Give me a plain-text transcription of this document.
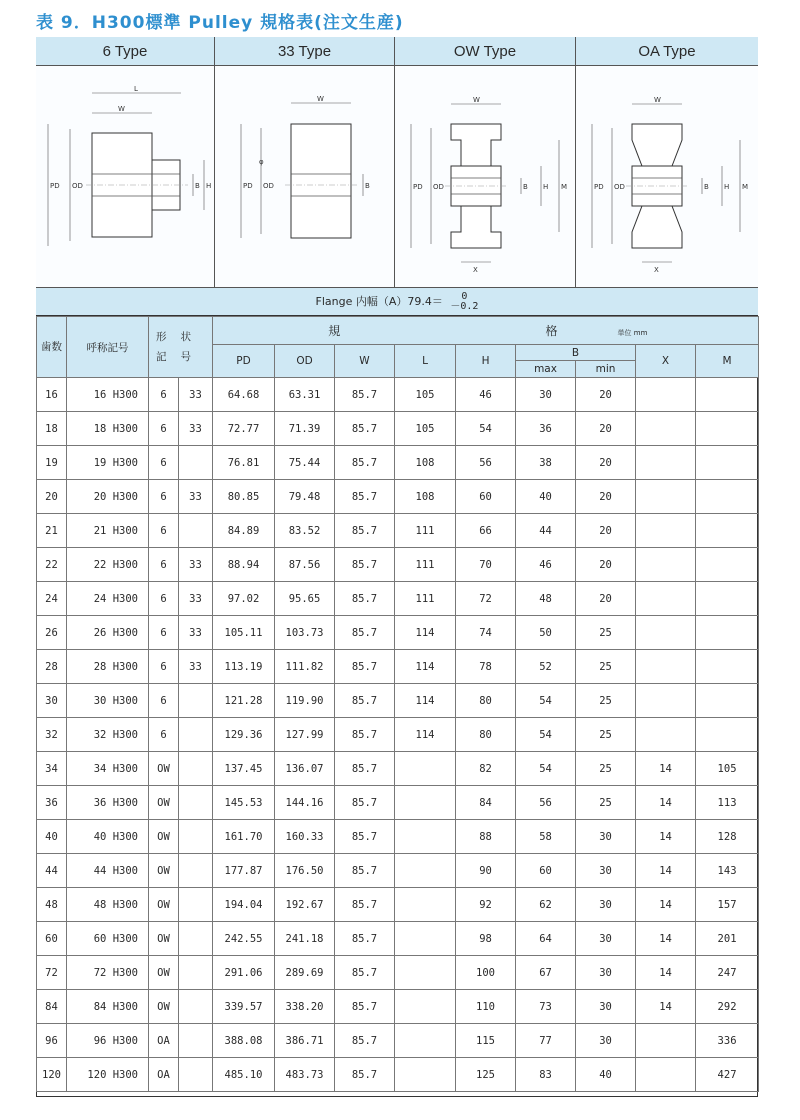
表 9．H300標準 Pulley 規格表(注文生産)
6 Type	33 Type	OW Type	OA Type
L
W
PD OD	B H
W
PD OD	B
φ
W
PD OD	B H M
X
W
PD OD	B H M
X
Flange 内幅（A）79.4＝	0
－0.2
歯数	呼称記号	形状記号		規				格 単位 mm				
				PD	OD	W	L	H	B		X	M
									max	min		
16	16 H300	6	33	64.68	63.31	85.7	105	46	30	20		
18	18 H300	6	33	72.77	71.39	85.7	105	54	36	20		
19	19 H300	6		76.81	75.44	85.7	108	56	38	20		
20	20 H300	6	33	80.85	79.48	85.7	108	60	40	20		
21	21 H300	6		84.89	83.52	85.7	111	66	44	20		
22	22 H300	6	33	88.94	87.56	85.7	111	70	46	20		
24	24 H300	6	33	97.02	95.65	85.7	111	72	48	20		
26	26 H300	6	33	105.11	103.73	85.7	114	74	50	25		
28	28 H300	6	33	113.19	111.82	85.7	114	78	52	25		
30	30 H300	6		121.28	119.90	85.7	114	80	54	25		
32	32 H300	6		129.36	127.99	85.7	114	80	54	25		
34	34 H300	OW		137.45	136.07	85.7		82	54	25	14	105
36	36 H300	OW		145.53	144.16	85.7		84	56	25	14	113
40	40 H300	OW		161.70	160.33	85.7		88	58	30	14	128
44	44 H300	OW		177.87	176.50	85.7		90	60	30	14	143
48	48 H300	OW		194.04	192.67	85.7		92	62	30	14	157
60	60 H300	OW		242.55	241.18	85.7		98	64	30	14	201
72	72 H300	OW		291.06	289.69	85.7		100	67	30	14	247
84	84 H300	OW		339.57	338.20	85.7		110	73	30	14	292
96	96 H300	OA		388.08	386.71	85.7		115	77	30		336
120	120 H300	OA		485.10	483.73	85.7		125	83	40		427
